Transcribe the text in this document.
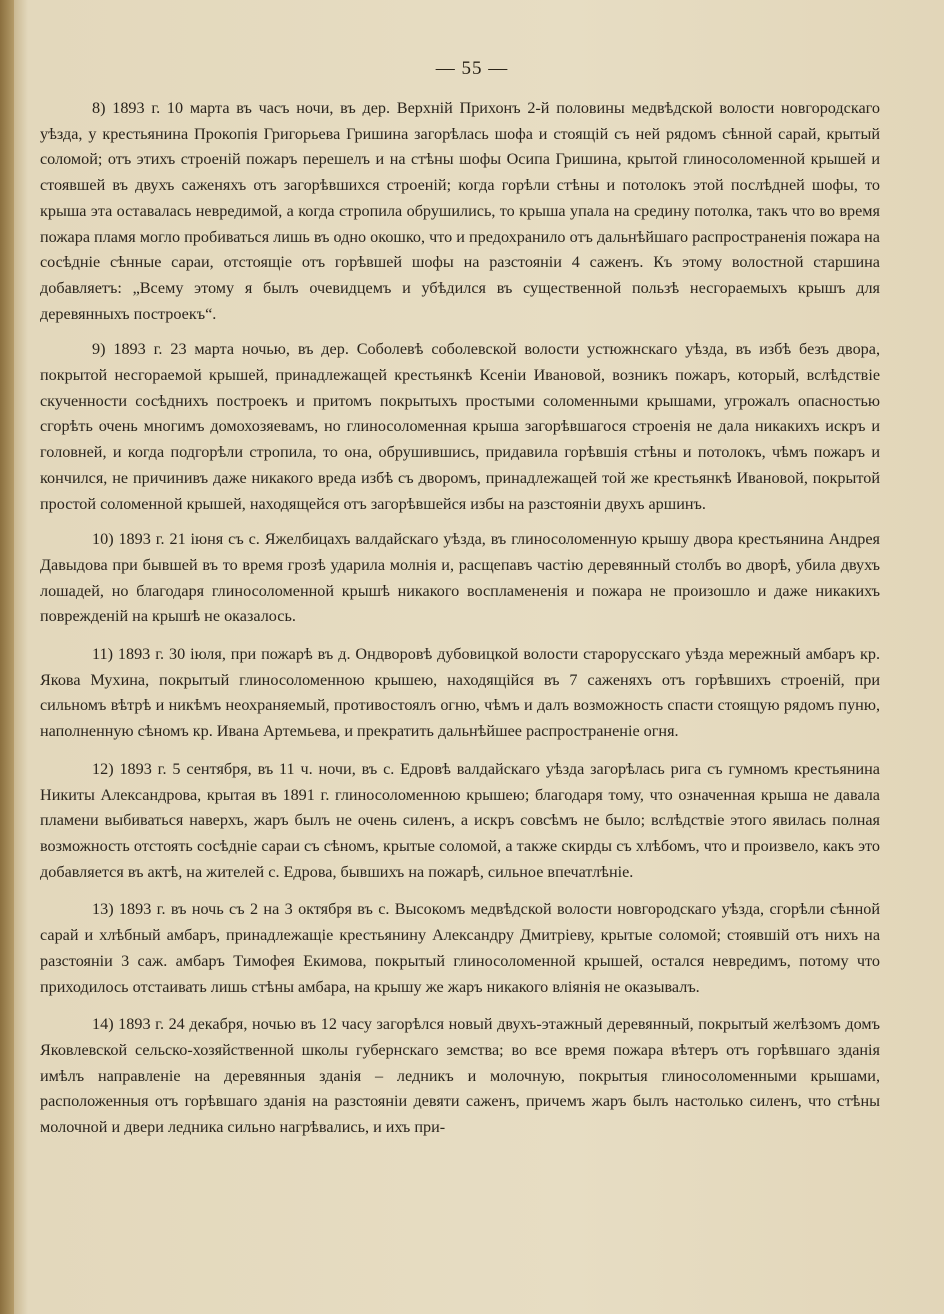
— 55 —

8) 1893 г. 10 марта въ часъ ночи, въ дер. Верхній Прихонъ 2-й половины медвѣдской волости новгородскаго уѣзда, у крестьянина Прокопія Григорьева Гришина загорѣлась шофа и стоящій съ ней рядомъ сѣнной сарай, крытый соломой; отъ этихъ строеній пожаръ перешелъ и на стѣны шофы Осипа Гришина, крытой глиносоломенной крышей и стоявшей въ двухъ саженяхъ отъ загорѣвшихся строеній; когда горѣли стѣны и потолокъ этой послѣдней шофы, то крыша эта оставалась невредимой, а когда стропила обрушились, то крыша упала на средину потолка, такъ что во время пожара пламя могло пробиваться лишь въ одно окошко, что и предохранило отъ дальнѣйшаго распространенія пожара на сосѣдніе сѣнные сараи, отстоящіе отъ горѣвшей шофы на разстояніи 4 саженъ. Къ этому волостной старшина добавляетъ: „Всему этому я былъ очевидцемъ и убѣдился въ существенной пользѣ несгораемыхъ крышъ для деревянныхъ построекъ“.

9) 1893 г. 23 марта ночью, въ дер. Соболевѣ соболевской волости устюжнскаго уѣзда, въ избѣ безъ двора, покрытой несгораемой крышей, принадлежащей крестьянкѣ Ксеніи Ивановой, возникъ пожаръ, который, вслѣдствіе скученности сосѣднихъ построекъ и притомъ покрытыхъ простыми соломенными крышами, угрожалъ опасностью сгорѣть очень многимъ домохозяевамъ, но глиносоломенная крыша загорѣвшагося строенія не дала никакихъ искръ и головней, и когда подгорѣли стропила, то она, обрушившись, придавила горѣвшія стѣны и потолокъ, чѣмъ пожаръ и кончился, не причинивъ даже никакого вреда избѣ съ дворомъ, принадлежащей той же крестьянкѣ Ивановой, покрытой простой соломенной крышей, находящейся отъ загорѣвшейся избы на разстояніи двухъ аршинъ.

10) 1893 г. 21 іюня съ с. Яжелбицахъ валдайскаго уѣзда, въ глиносоломенную крышу двора крестьянина Андрея Давыдова при бывшей въ то время грозѣ ударила молнія и, расщепавъ частію деревянный столбъ во дворѣ, убила двухъ лошадей, но благодаря глиносоломенной крышѣ никакого воспламененія и пожара не произошло и даже никакихъ поврежденій на крышѣ не оказалось.

11) 1893 г. 30 іюля, при пожарѣ въ д. Ондворовѣ дубовицкой волости старорусскаго уѣзда мережный амбаръ кр. Якова Мухина, покрытый глиносоломенною крышею, находящійся въ 7 саженяхъ отъ горѣвшихъ строеній, при сильномъ вѣтрѣ и никѣмъ неохраняемый, противостоялъ огню, чѣмъ и далъ возможность спасти стоящую рядомъ пуню, наполненную сѣномъ кр. Ивана Артемьева, и прекратить дальнѣйшее распространеніе огня.

12) 1893 г. 5 сентября, въ 11 ч. ночи, въ с. Едровѣ валдайскаго уѣзда загорѣлась рига съ гумномъ крестьянина Никиты Александрова, крытая въ 1891 г. глиносоломенною крышею; благодаря тому, что означенная крыша не давала пламени выбиваться наверхъ, жаръ былъ не очень силенъ, а искръ совсѣмъ не было; вслѣдствіе этого явилась полная возможность отстоять сосѣдніе сараи съ сѣномъ, крытые соломой, а также скирды съ хлѣбомъ, что и произвело, какъ это добавляется въ актѣ, на жителей с. Едрова, бывшихъ на пожарѣ, сильное впечатлѣніе.

13) 1893 г. въ ночь съ 2 на 3 октября въ с. Высокомъ медвѣдской волости новгородскаго уѣзда, сгорѣли сѣнной сарай и хлѣбный амбаръ, принадлежащіе крестьянину Александру Дмитріеву, крытые соломой; стоявшій отъ нихъ на разстояніи 3 саж. амбаръ Тимофея Екимова, покрытый глиносоломенной крышей, остался невредимъ, потому что приходилось отстаивать лишь стѣны амбара, на крышу же жаръ никакого вліянія не оказывалъ.

14) 1893 г. 24 декабря, ночью въ 12 часу загорѣлся новый двухъ-этажный деревянный, покрытый желѣзомъ домъ Яковлевской сельско-хозяйственной школы губернскаго земства; во все время пожара вѣтеръ отъ горѣвшаго зданія имѣлъ направленіе на деревянныя зданія – ледникъ и молочную, покрытыя глиносоломенными крышами, расположенныя отъ горѣвшаго зданія на разстояніи девяти саженъ, причемъ жаръ былъ настолько силенъ, что стѣны молочной и двери ледника сильно нагрѣвались, и ихъ при-
